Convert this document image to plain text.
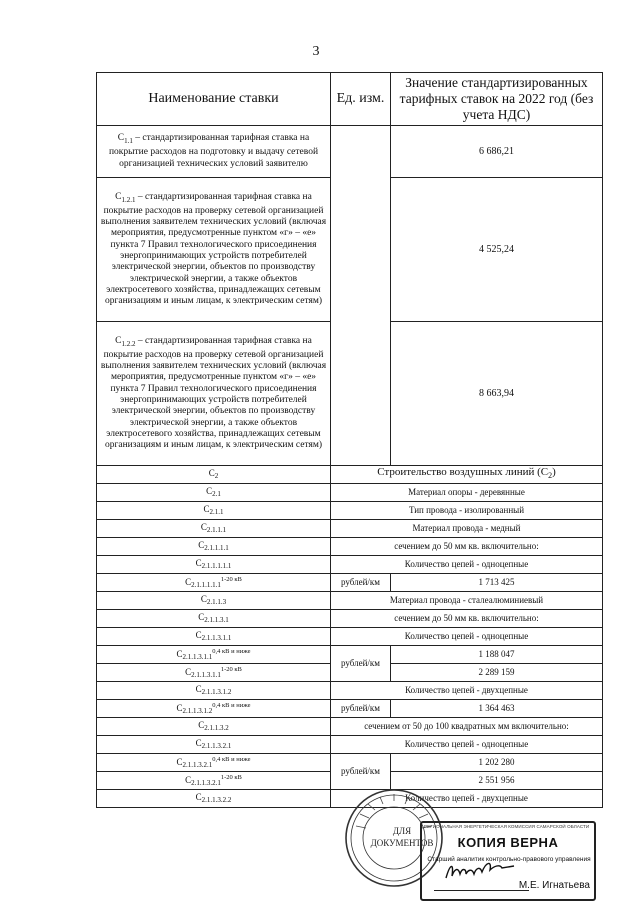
3
Наименование ставки	Ед. изм.	Значение стандартизированных тарифных ставок на 2022 год (без учета НДС)
$C_{1.1}$ – стандартизированная тарифная ставка на покрытие расходов на подготовку и выдачу сетевой организацией технических условий заявителю		6 686,21
$C_{1.2.1}$ – стандартизированная тарифная ставка на покрытие расходов на проверку сетевой организацией выполнения заявителем технических условий (включая мероприятия, предусмотренные пунктом «г» – «е» пункта 7 Правил технологического присоединения энергопринимающих устройств потребителей электрической энергии, объектов по производству электрической энергии, а также объектов электросетевого хозяйства, принадлежащих сетевым организациям и иным лицам, к электрическим сетям)		4 525,24
$C_{1.2.2}$ – стандартизированная тарифная ставка на покрытие расходов на проверку сетевой организацией выполнения заявителем технических условий (включая мероприятия, предусмотренные пунктом «г» – «е» пункта 7 Правил технологического присоединения энергопринимающих устройств потребителей электрической энергии, объектов по производству электрической энергии, а также объектов электросетевого хозяйства, принадлежащих сетевым организациям и иным лицам, к электрическим сетям)		8 663,94
$C_2$	Строительство воздушных линий $(С_2)$	
$C_{2.1}$	Материал опоры - деревянные	
$C_{2.1.1}$	Тип провода - изолированный	
$C_{2.1.1.1}$	Материал провода - медный	
$C_{2.1.1.1.1}$	сечением до 50 мм кв. включительно:	
$C_{2.1.1.1.1.1}$	Количество цепей - одноцепные	
$C_{2.1.1.1.1.1}^{1-20 кВ}$	рублей/км	1 713 425
$C_{2.1.1.3}$	Материал провода - сталеалюминиевый	
$C_{2.1.1.3.1}$	сечением до 50 мм кв. включительно:	
$C_{2.1.1.3.1.1}$	Количество цепей - одноцепные	
$C_{2.1.1.3.1.1}^{0,4 кВ и ниже}$	рублей/км	1 188 047
$C_{2.1.1.3.1.1}^{1-20 кВ}$		2 289 159
$C_{2.1.1.3.1.2}$	Количество цепей - двухцепные	
$C_{2.1.1.3.1.2}^{0,4 кВ и ниже}$	рублей/км	1 364 463
$C_{2.1.1.3.2}$	сечением от 50 до 100 квадратных мм включительно:	
$C_{2.1.1.3.2.1}$	Количество цепей - одноцепные	
$C_{2.1.1.3.2.1}^{0,4 кВ и ниже}$	рублей/км	1 202 280
$C_{2.1.1.3.2.1}^{1-20 кВ}$		2 551 956
$C_{2.1.1.3.2.2}$	Количество цепей - двухцепные	
ДЛЯ
ДОКУМЕНТОВ
РЕГИОНАЛЬНАЯ ЭНЕРГЕТИЧЕСКАЯ КОМИССИЯ САМАРСКОЙ ОБЛАСТИ
КОПИЯ ВЕРНА
Старший аналитик контрольно-правового управления
М.Е. Игнатьева
